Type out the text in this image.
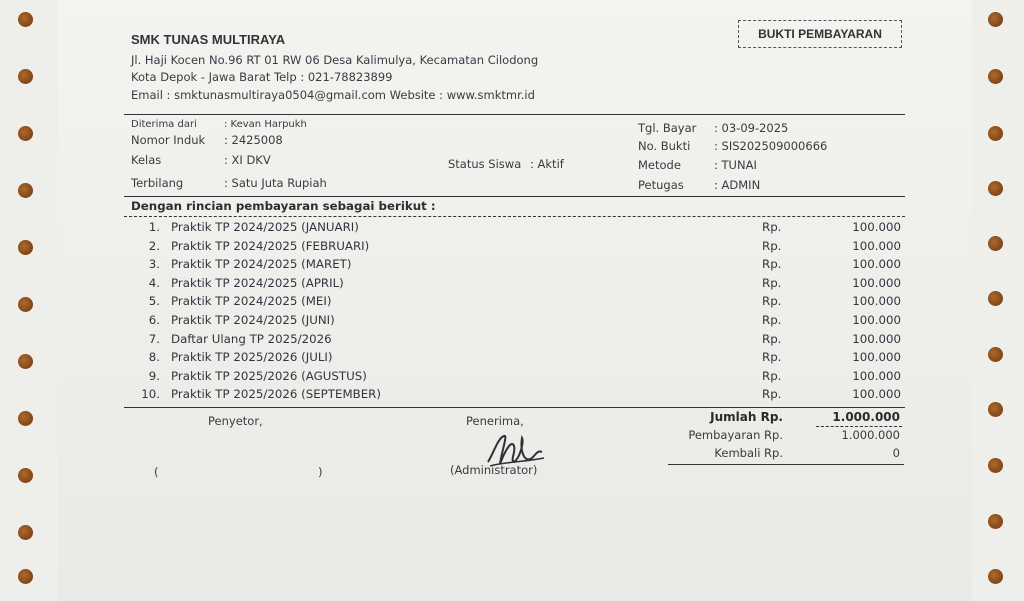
SMK TUNAS MULTIRAYA
Jl. Haji Kocen No.96 RT 01 RW 06 Desa Kalimulya, Kecamatan Cilodong
Kota Depok - Jawa Barat Telp : 021-78823899
Email : smktunasmultiraya0504@gmail.com Website : www.smktmr.id
BUKTI PEMBAYARAN
Diterima dari	: Kevan Harpukh
Nomor Induk : 2425008
Kelas	: XI DKV	Status Siswa : Aktif
Terbilang	: Satu Juta Rupiah
Tgl. Bayar : 03-09-2025
No. Bukti : SIS202509000666
Metode	: TUNAI
Petugas	: ADMIN
Dengan rincian pembayaran sebagai berikut :
1. Praktik TP 2024/2025 (JANUARI)	Rp.	100.000
2. Praktik TP 2024/2025 (FEBRUARI)	Rp.	100.000
3. Praktik TP 2024/2025 (MARET)	Rp.	100.000
4. Praktik TP 2024/2025 (APRIL)	Rp.	100.000
5. Praktik TP 2024/2025 (MEI)	Rp.	100.000
6. Praktik TP 2024/2025 (JUNI)	Rp.	100.000
7. Daftar Ulang TP 2025/2026	Rp.	100.000
8. Praktik TP 2025/2026 (JULI)	Rp.	100.000
9. Praktik TP 2025/2026 (AGUSTUS)	Rp.	100.000
10. Praktik TP 2025/2026 (SEPTEMBER)	Rp.	100.000
Penyetor,
(	)
Penerima,
(Administrator)
Jumlah Rp.	1.000.000
Pembayaran Rp.	1.000.000
Kembali Rp.	0
